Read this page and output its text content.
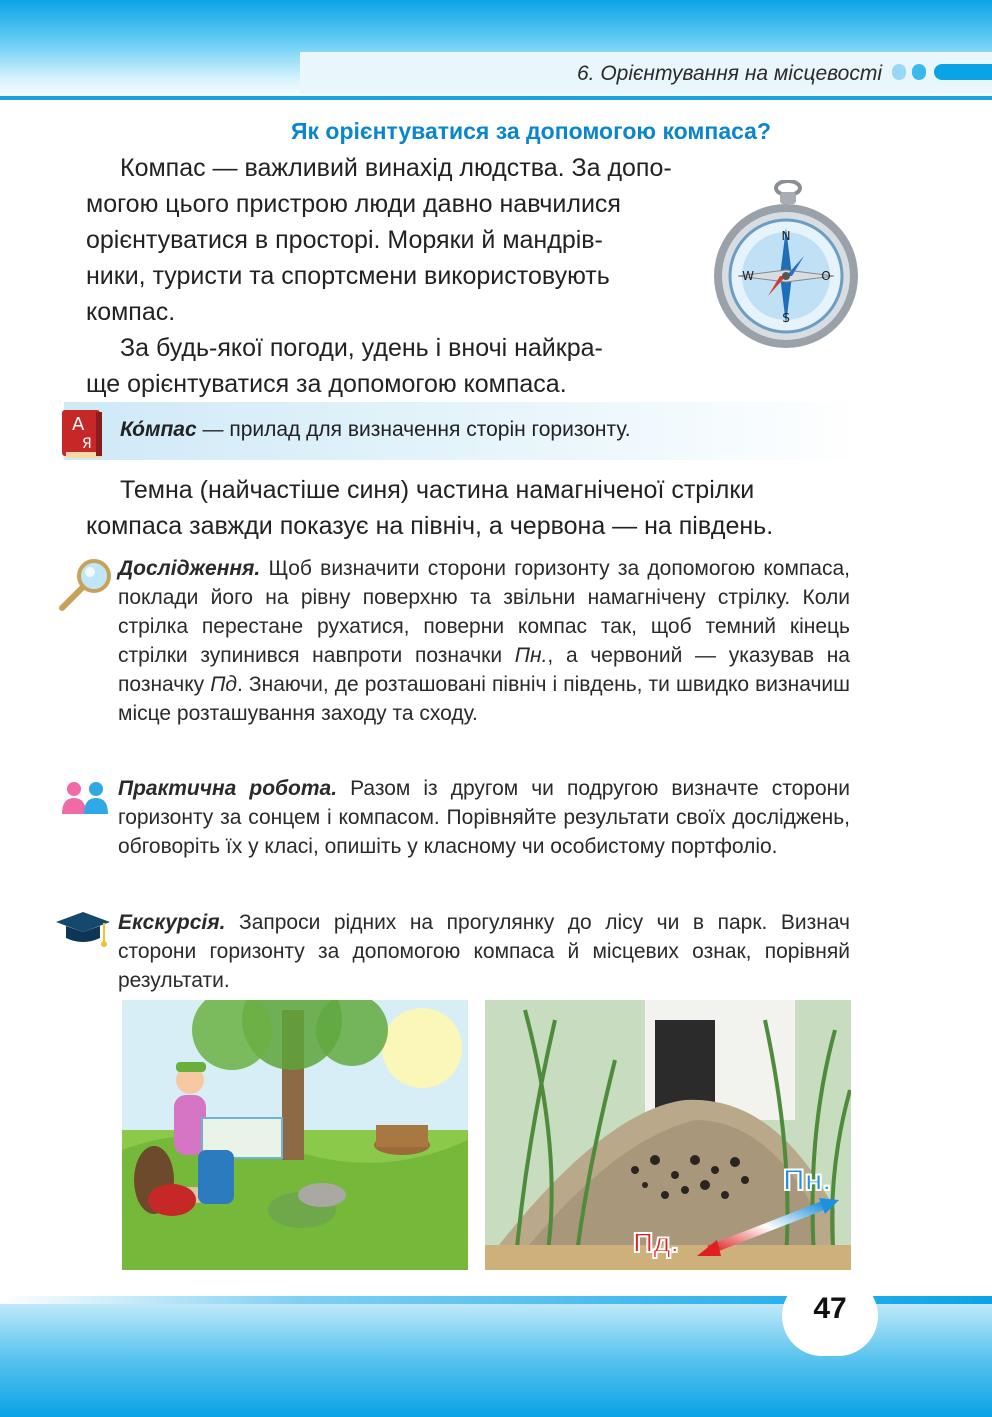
6. Орієнтування на місцевості
Як орієнтуватися за допомогою компаса?
Компас — важливий винахід людства. За допо-
могою цього пристрою люди давно навчилися
орієнтуватися в просторі. Моряки й мандрів-
ники, туристи та спортсмени використовують
компас.
За будь-якої погоди, удень і вночі найкра-
ще орієнтуватися за допомогою компаса.
N
S
W	O
А
Я
Ко́мпас — прилад для визначення сторін горизонту.
Темна (найчастіше синя) частина намагніченої стрілки
компаса завжди показує на північ, а червона — на південь.
Дослідження. Щоб визначити сторони горизонту за допомогою компаса, поклади його на рівну поверхню та звільни намагнічену стрілку. Коли стрілка перестане рухатися, поверни компас так, щоб темний кінець стрілки зупинився навпроти позначки Пн., а червоний — указував на позначку Пд. Знаючи, де розташовані північ і південь, ти швидко визначиш місце розташування заходу та сходу.
Практична робота. Разом із другом чи подругою визначте сторони горизонту за сонцем і компасом. Порівняйте результати своїх досліджень, обговоріть їх у класі, опишіть у класному чи особистому портфоліо.
Екскурсія. Запроси рідних на прогулянку до лісу чи в парк. Визнач сторони горизонту за допомогою компаса й місцевих ознак, порівняй результати.
Пн.
Пд.
47
